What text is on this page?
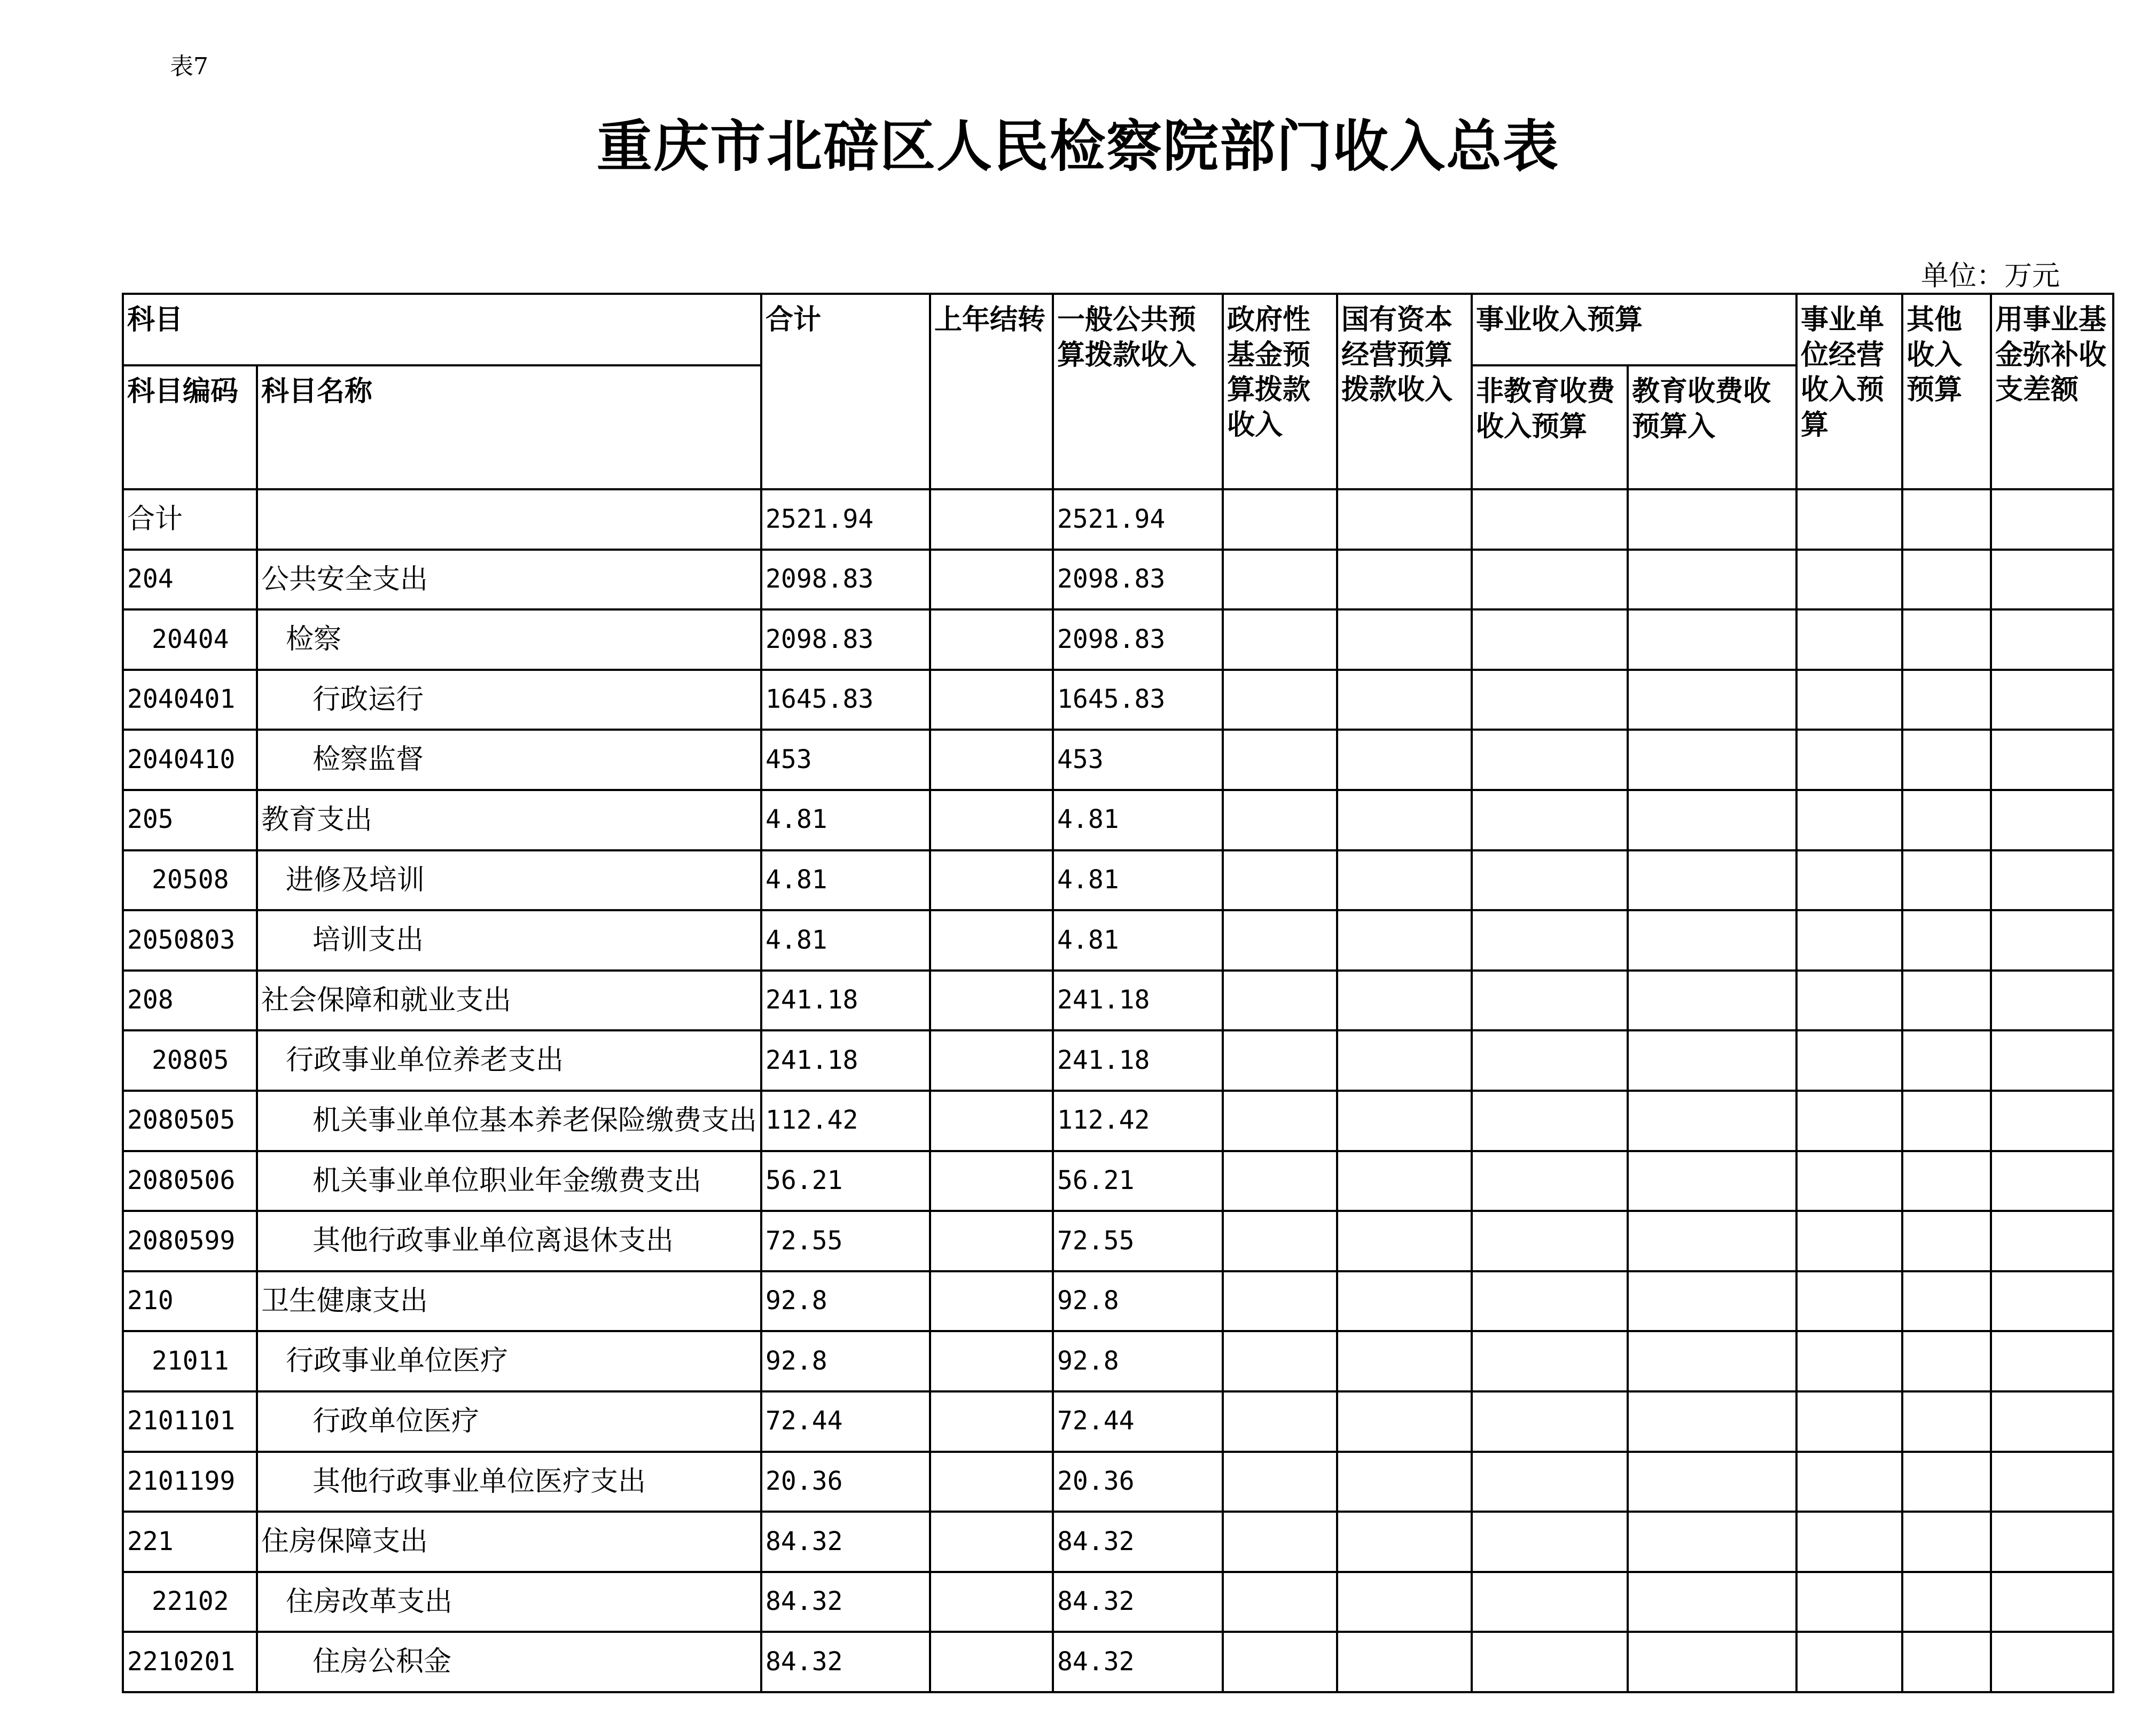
表7
重庆市北碚区人民检察院部门收入总表
单位：万元
科目		合计	上年结转	一般公共预算拨款收入	政府性基金预算拨款收入	国有资本经营预算拨款收入	事业收入预算		事业单位经营收入预算	其他收入预算	用事业基金弥补收支差额
科目编码	科目名称						非教育收费收入预算	教育收费收预算入			
合计		2521.94		2521.94							
204	公共安全支出	2098.83		2098.83							
20404	检察	2098.83		2098.83							
2040401	行政运行	1645.83		1645.83							
2040410	检察监督	453		453							
205	教育支出	4.81		4.81							
20508	进修及培训	4.81		4.81							
2050803	培训支出	4.81		4.81							
208	社会保障和就业支出	241.18		241.18							
20805	行政事业单位养老支出	241.18		241.18							
2080505	机关事业单位基本养老保险缴费支出	112.42		112.42							
2080506	机关事业单位职业年金缴费支出	56.21		56.21							
2080599	其他行政事业单位离退休支出	72.55		72.55							
210	卫生健康支出	92.8		92.8							
21011	行政事业单位医疗	92.8		92.8							
2101101	行政单位医疗	72.44		72.44							
2101199	其他行政事业单位医疗支出	20.36		20.36							
221	住房保障支出	84.32		84.32							
22102	住房改革支出	84.32		84.32							
2210201	住房公积金	84.32		84.32							
